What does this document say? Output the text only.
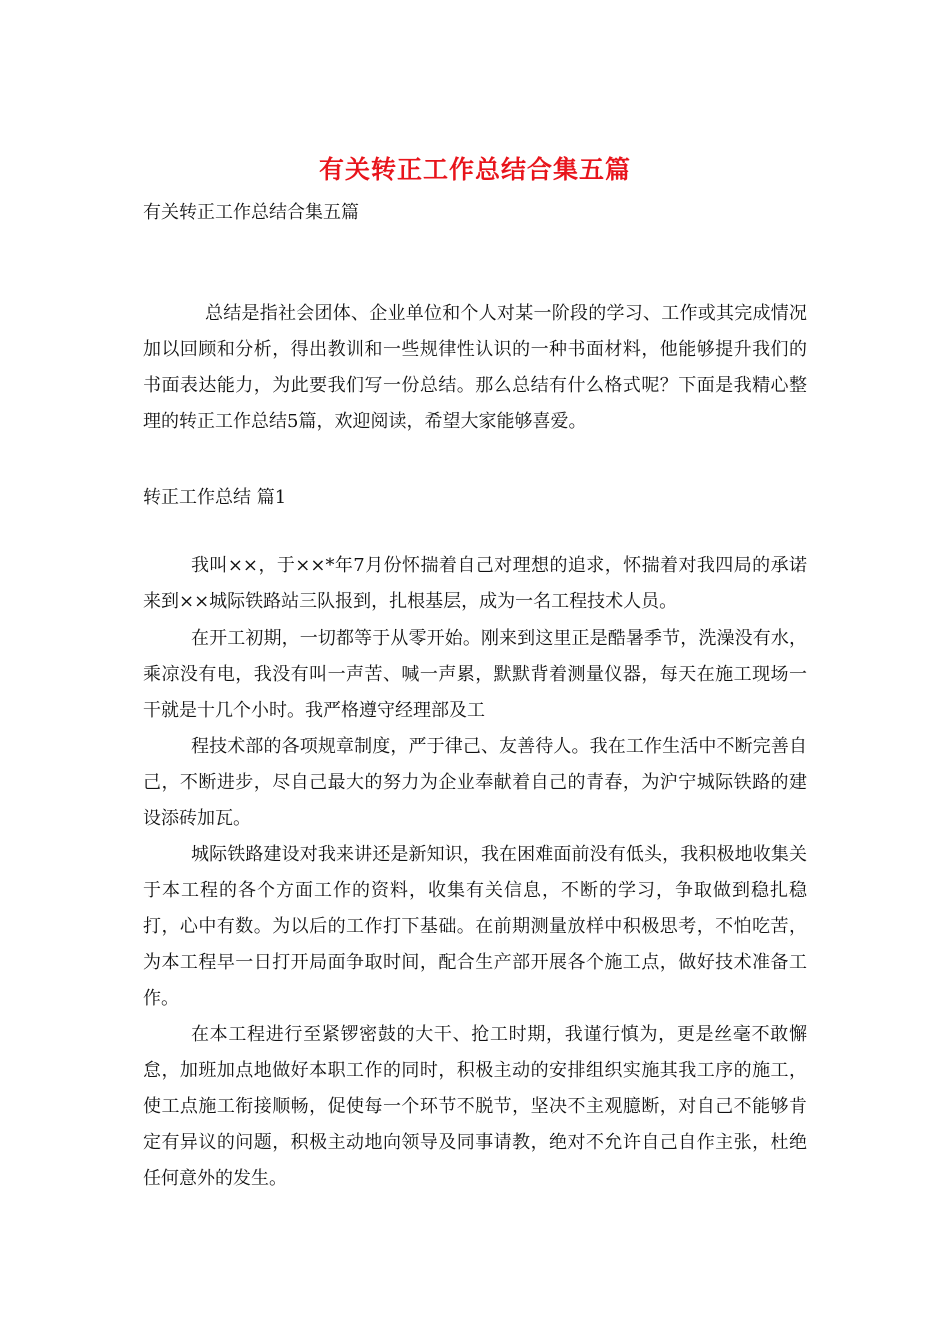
有关转正工作总结合集五篇
有关转正工作总结合集五篇

总结是指社会团体、企业单位和个人对某一阶段的学习、工作或其完成情况加以回顾和分析，得出教训和一些规律性认识的一种书面材料，他能够提升我们的书面表达能力，为此要我们写一份总结。那么总结有什么格式呢？下面是我精心整理的转正工作总结5篇，欢迎阅读，希望大家能够喜爱。

转正工作总结 篇1

我叫××，于××*年7月份怀揣着自己对理想的追求，怀揣着对我四局的承诺来到××城际铁路站三队报到，扎根基层，成为一名工程技术人员。

在开工初期，一切都等于从零开始。刚来到这里正是酷暑季节，洗澡没有水，乘凉没有电，我没有叫一声苦、喊一声累，默默背着测量仪器，每天在施工现场一干就是十几个小时。我严格遵守经理部及工

程技术部的各项规章制度，严于律己、友善待人。我在工作生活中不断完善自己，不断进步，尽自己最大的努力为企业奉献着自己的青春，为沪宁城际铁路的建设添砖加瓦。

城际铁路建设对我来讲还是新知识，我在困难面前没有低头，我积极地收集关于本工程的各个方面工作的资料，收集有关信息，不断的学习，争取做到稳扎稳打，心中有数。为以后的工作打下基础。在前期测量放样中积极思考，不怕吃苦，为本工程早一日打开局面争取时间，配合生产部开展各个施工点，做好技术准备工作。

在本工程进行至紧锣密鼓的大干、抢工时期，我谨行慎为，更是丝毫不敢懈怠，加班加点地做好本职工作的同时，积极主动的安排组织实施其我工序的施工，使工点施工衔接顺畅，促使每一个环节不脱节，坚决不主观臆断，对自己不能够肯定有异议的问题，积极主动地向领导及同事请教，绝对不允许自己自作主张，杜绝任何意外的发生。
